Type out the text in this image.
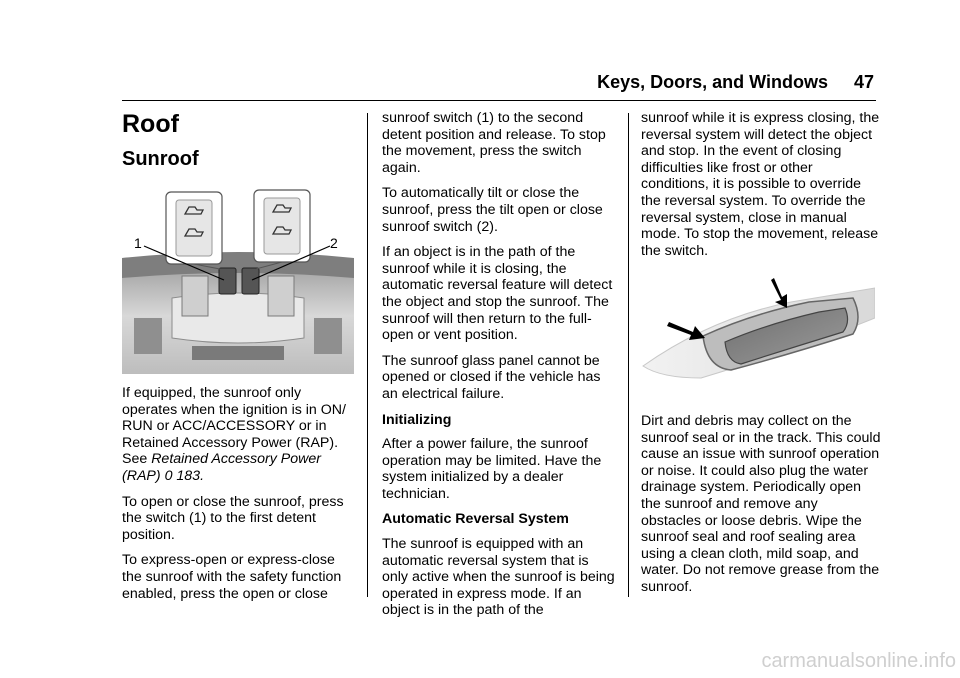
Keys, Doors, and Windows	47
Roof
Sunroof
1	2

If equipped, the sunroof only operates when the ignition is in ON/ RUN or ACC/ACCESSORY or in Retained Accessory Power (RAP). See Retained Accessory Power (RAP) 0 183.

To open or close the sunroof, press the switch (1) to the first detent position.

To express-open or express-close the sunroof with the safety function enabled, press the open or close

sunroof switch (1) to the second detent position and release. To stop the movement, press the switch again.

To automatically tilt or close the sunroof, press the tilt open or close sunroof switch (2).

If an object is in the path of the sunroof while it is closing, the automatic reversal feature will detect the object and stop the sunroof. The sunroof will then return to the full-open or vent position.

The sunroof glass panel cannot be opened or closed if the vehicle has an electrical failure.

Initializing

After a power failure, the sunroof operation may be limited. Have the system initialized by a dealer technician.

Automatic Reversal System

The sunroof is equipped with an automatic reversal system that is only active when the sunroof is being operated in express mode. If an object is in the path of the

sunroof while it is express closing, the reversal system will detect the object and stop. In the event of closing difficulties like frost or other conditions, it is possible to override the reversal system. To override the reversal system, close in manual mode. To stop the movement, release the switch.

Dirt and debris may collect on the sunroof seal or in the track. This could cause an issue with sunroof operation or noise. It could also plug the water drainage system. Periodically open the sunroof and remove any obstacles or loose debris. Wipe the sunroof seal and roof sealing area using a clean cloth, mild soap, and water. Do not remove grease from the sunroof.

carmanualsonline.info
